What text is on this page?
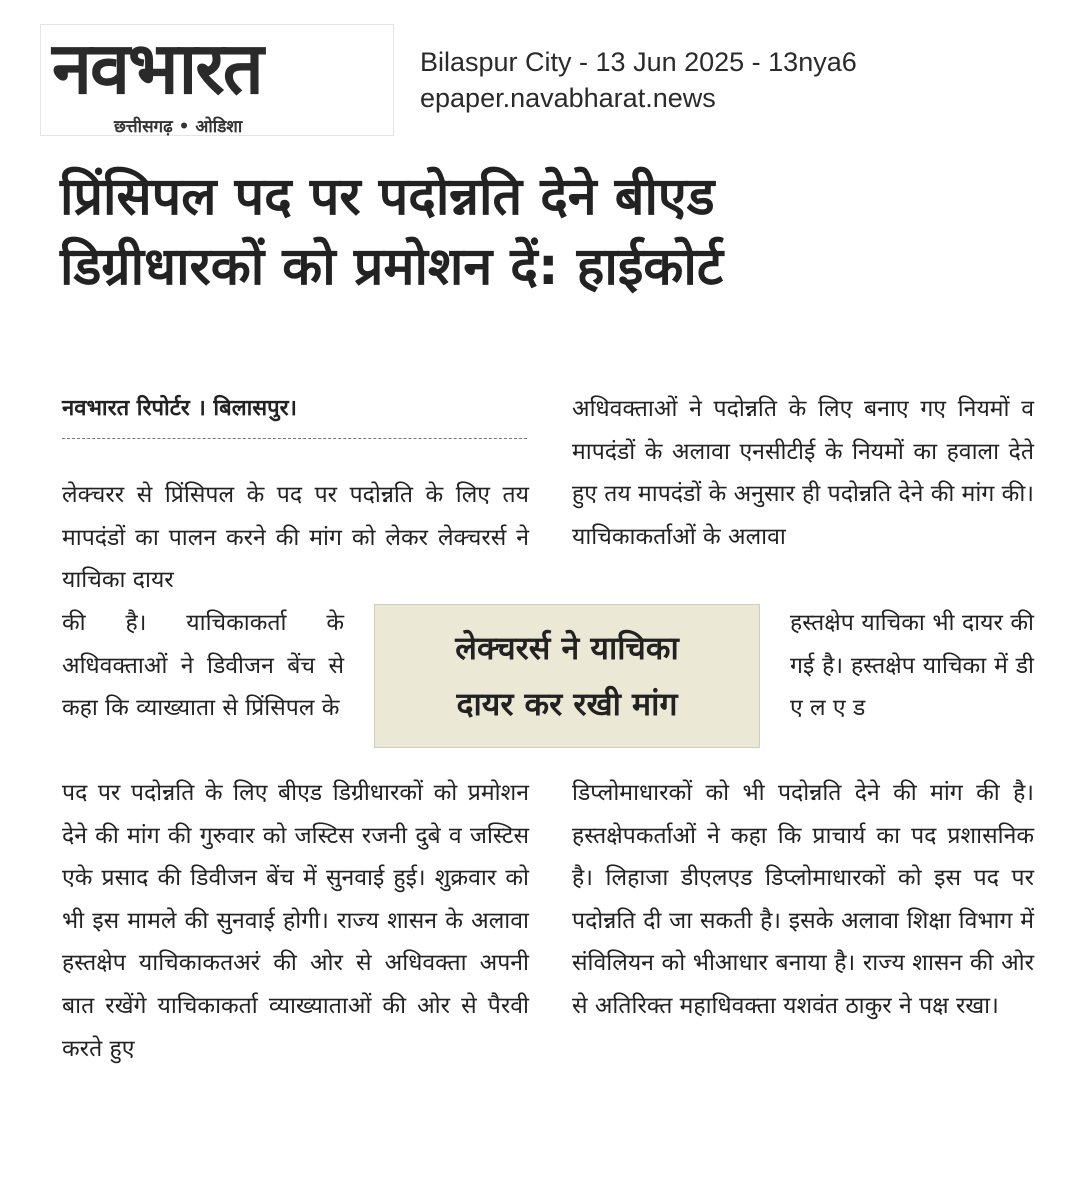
नवभारत
छत्तीसगढ़ • ओडिशा
Bilaspur City - 13 Jun 2025 - 13nya6
epaper.navabharat.news
प्रिंसिपल पद पर पदोन्नति देने बीएड
डिग्रीधारकों को प्रमोशन दें: हाईकोर्ट
नवभारत रिपोर्टर । बिलासपुर।

लेक्चरर से प्रिंसिपल के पद पर पदोन्नति के लिए तय मापदंडों का पालन करने की मांग को लेकर लेक्चरर्स ने याचिका दायर

की है। याचिकाकर्ता के अधिवक्ताओं ने डिवीजन बेंच से कहा कि व्याख्याता से प्रिंसिपल के

पद पर पदोन्नति के लिए बीएड डिग्रीधारकों को प्रमोशन देने की मांग की गुरुवार को जस्टिस रजनी दुबे व जस्टिस एके प्रसाद की डिवीजन बेंच में सुनवाई हुई। शुक्रवार को भी इस मामले की सुनवाई होगी। राज्य शासन के अलावा हस्तक्षेप याचिकाकतअरं की ओर से अधिवक्ता अपनी बात रखेंगे याचिकाकर्ता व्याख्याताओं की ओर से पैरवी करते हुए

अधिवक्ताओं ने पदोन्नति के लिए बनाए गए नियमों व मापदंडों के अलावा एनसीटीई के नियमों का हवाला देते हुए तय मापदंडों के अनुसार ही पदोन्नति देने की मांग की। याचिकाकर्ताओं के अलावा

हस्तक्षेप याचिका भी दायर की गई है। हस्तक्षेप याचिका में डी ए ल ए ड

डिप्लोमाधारकों को भी पदोन्नति देने की मांग की है। हस्तक्षेपकर्ताओं ने कहा कि प्राचार्य का पद प्रशासनिक है। लिहाजा डीएलएड डिप्लोमाधारकों को इस पद पर पदोन्नति दी जा सकती है। इसके अलावा शिक्षा विभाग में संविलियन को भीआधार बनाया है। राज्य शासन की ओर से अतिरिक्त महाधिवक्ता यशवंत ठाकुर ने पक्ष रखा।

लेक्चरर्स ने याचिका
दायर कर रखी मांग
